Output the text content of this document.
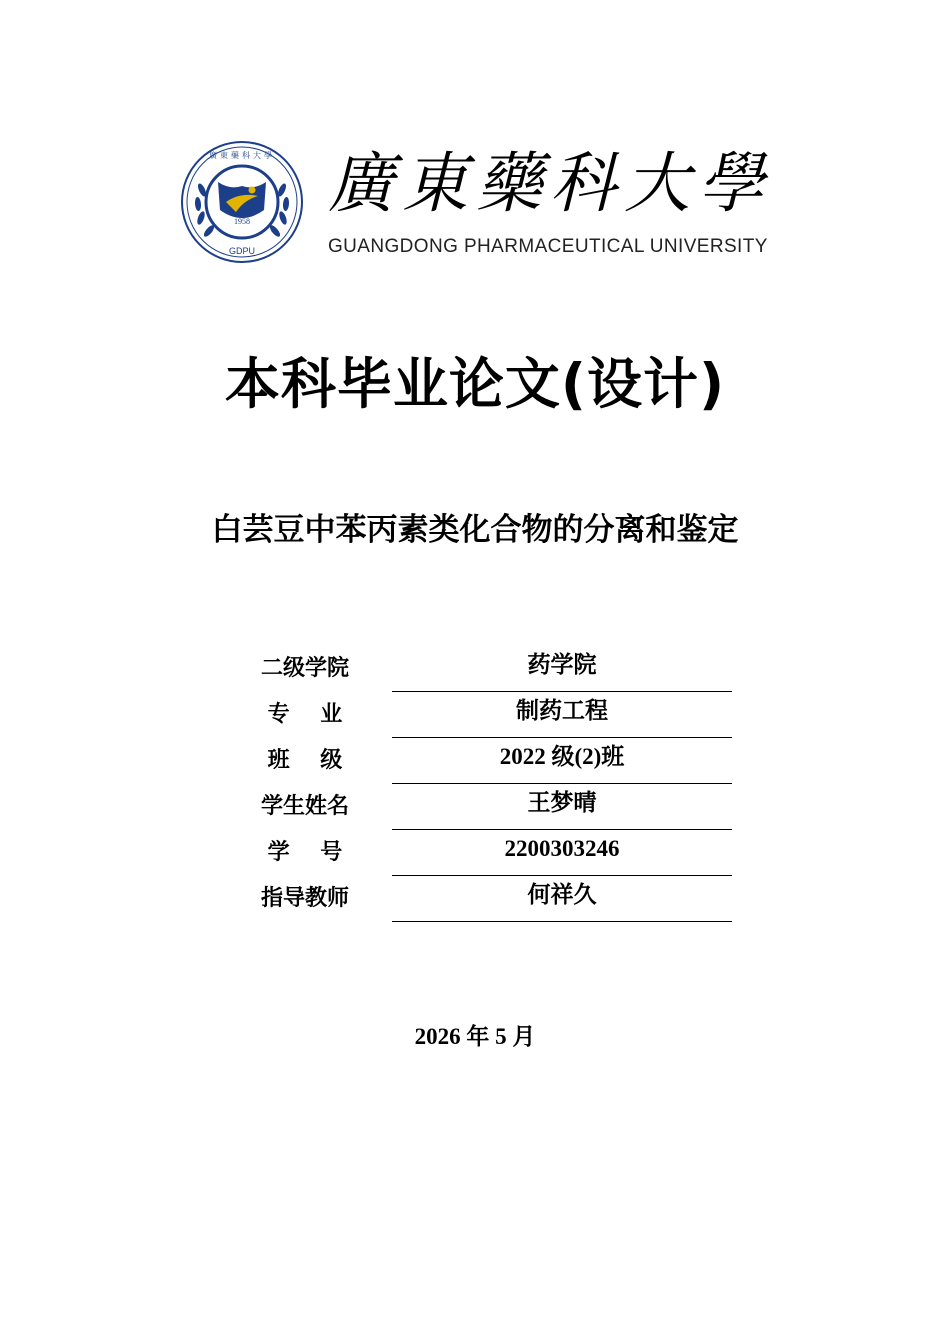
1958
GDPU
廣東藥科大學 廣東藥科大學
GUANGDONG PHARMACEUTICAL UNIVERSITY
本科毕业论文(设计)
白芸豆中苯丙素类化合物的分离和鉴定
二级学院	药学院
专    业	制药工程
班    级	2022 级(2)班
学生姓名	王梦晴
学    号	2200303246
指导教师	何祥久
2026 年 5 月
